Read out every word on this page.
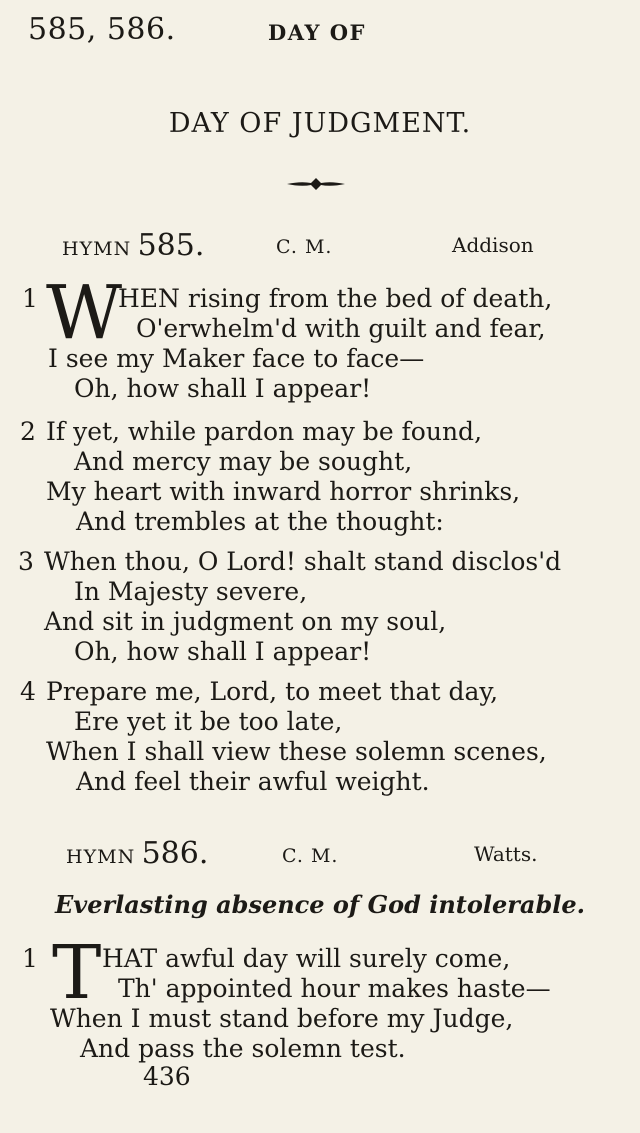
585, 586.	DAY OF
DAY OF JUDGMENT.
HYMN 585.	C. M.	Addison
1 W
HEN rising from the bed of death,
O'erwhelm'd with guilt and fear,
I see my Maker face to face—
Oh, how shall I appear!
2 If yet, while pardon may be found,
And mercy may be sought,
My heart with inward horror shrinks,
And trembles at the thought:
3 When thou, O Lord! shalt stand disclos'd
In Majesty severe,
And sit in judgment on my soul,
Oh, how shall I appear!
4 Prepare me, Lord, to meet that day,
Ere yet it be too late,
When I shall view these solemn scenes,
And feel their awful weight.
HYMN 586.	C. M.	Watts.
Everlasting absence of God intolerable.
1 T HAT awful day will surely come,
Th' appointed hour makes haste—
When I must stand before my Judge,
And pass the solemn test.
436
